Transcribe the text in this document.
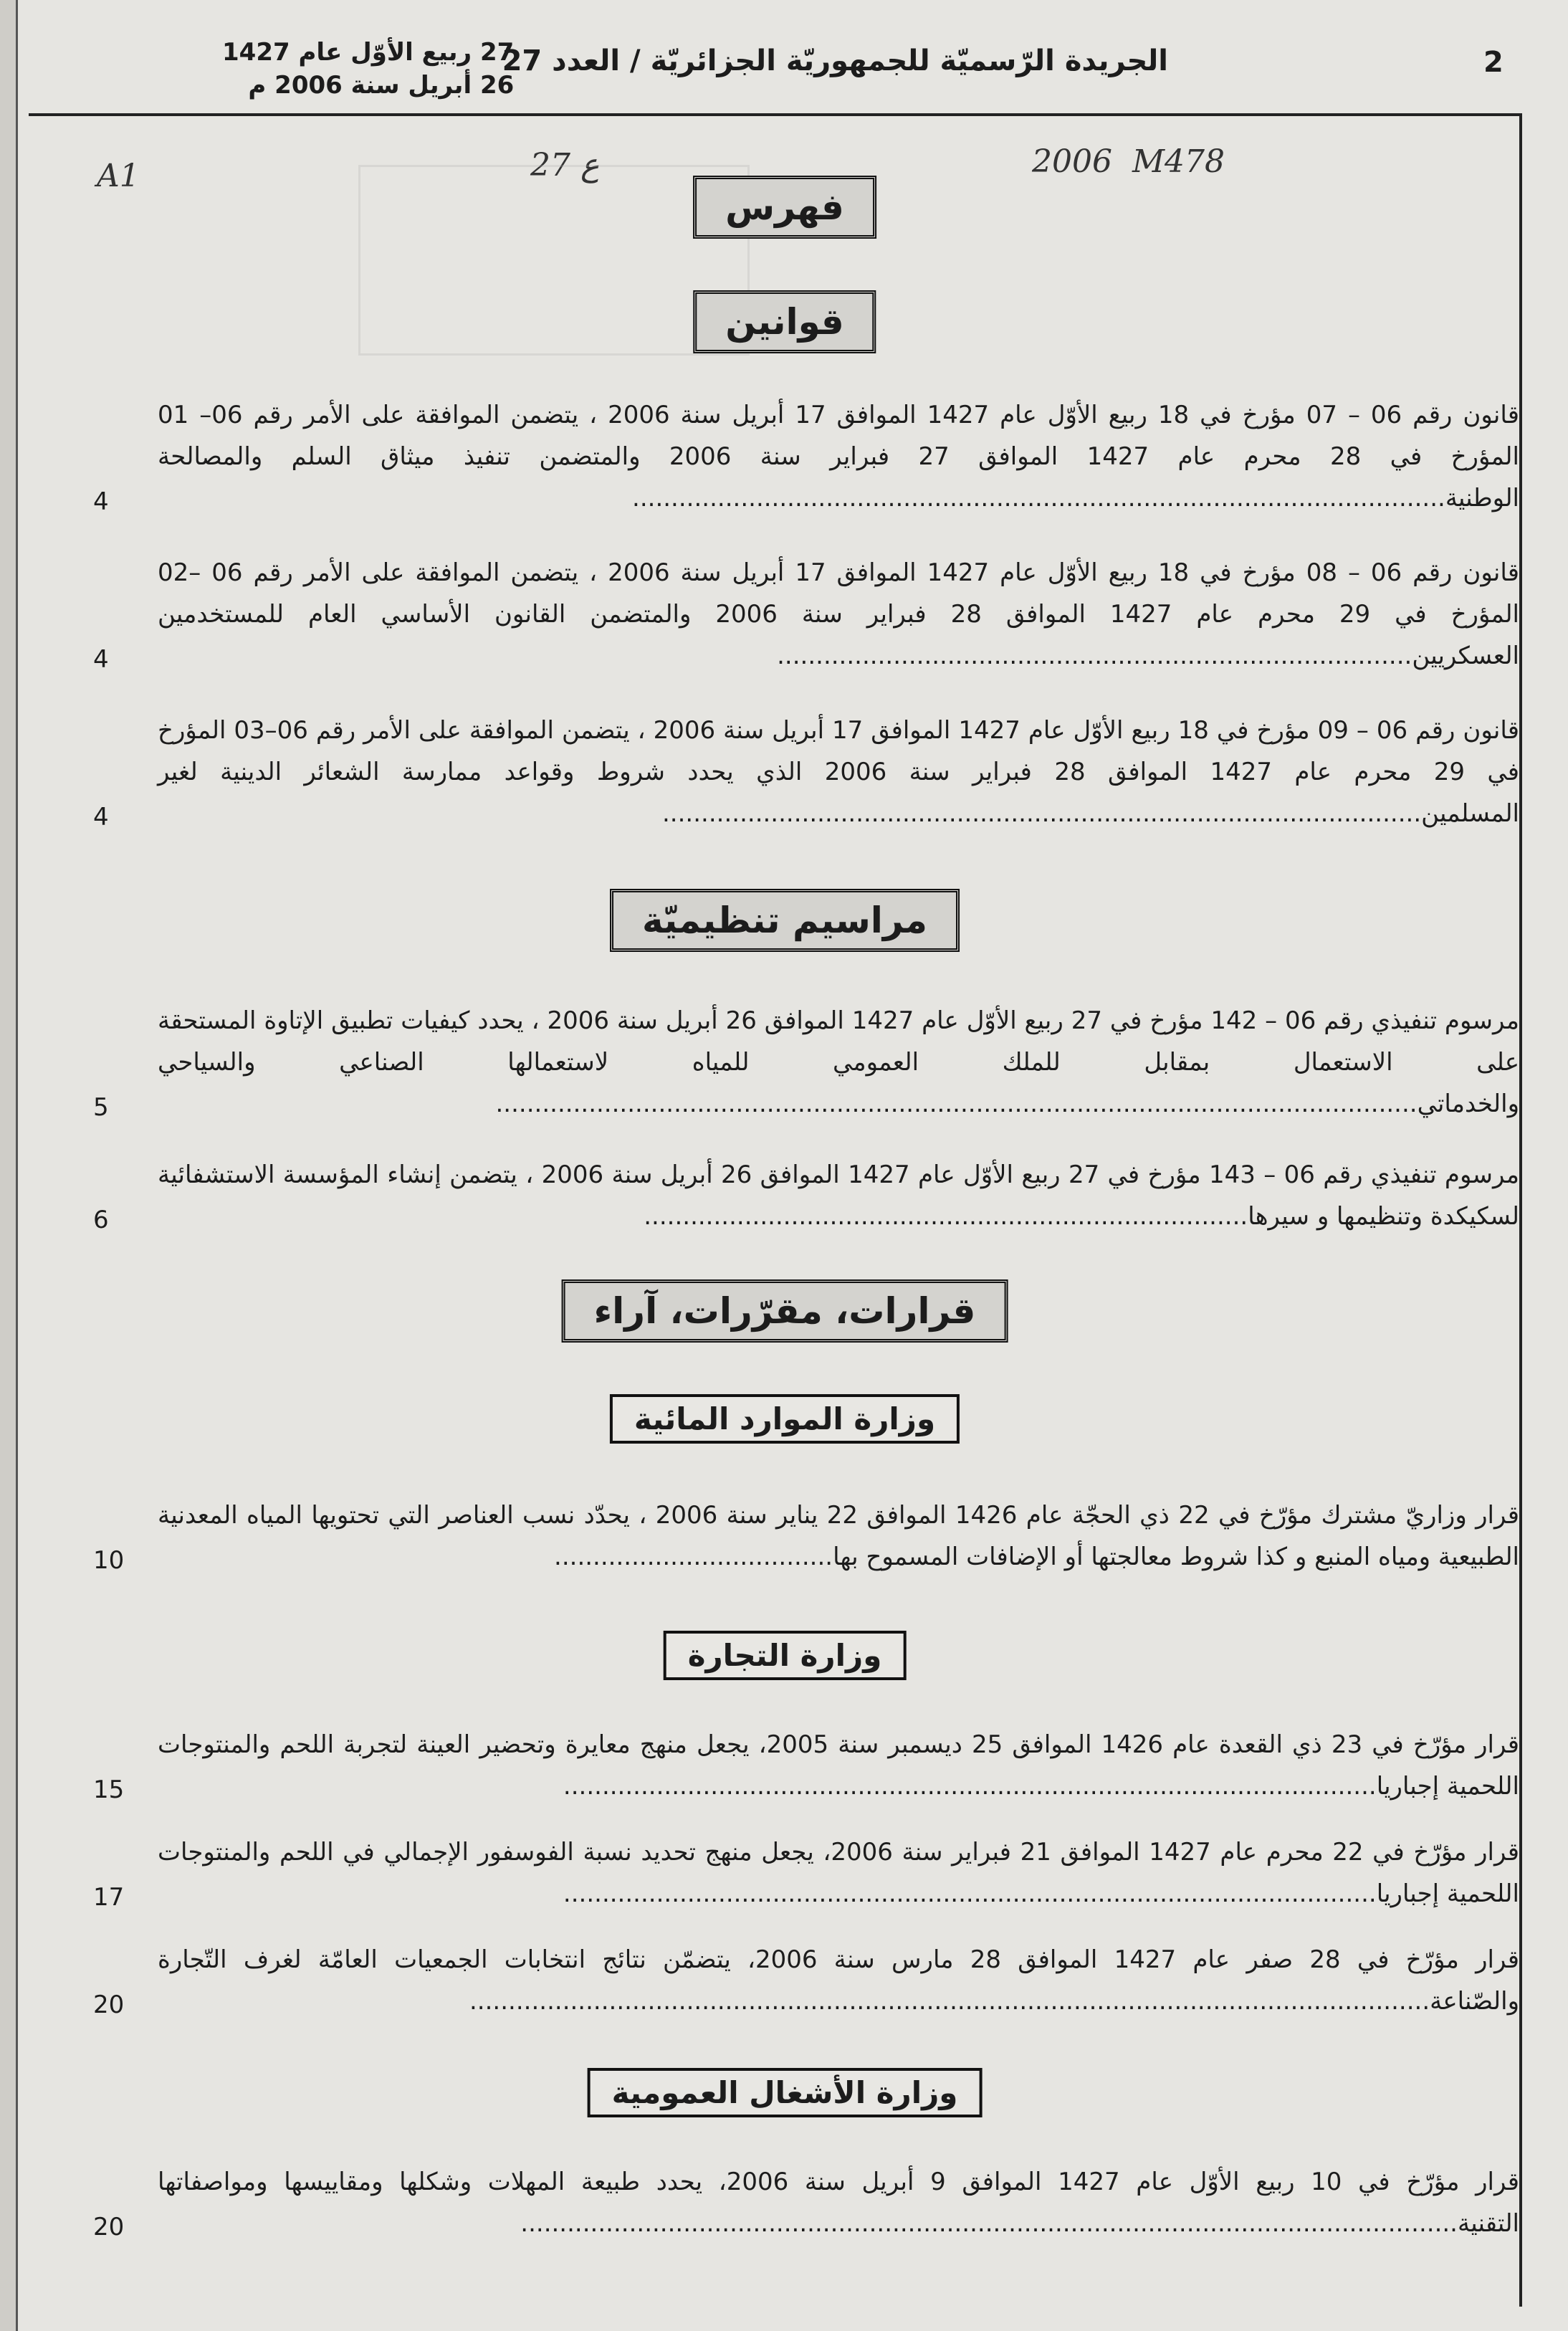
2
الجريدة الرّسميّة للجمهوريّة الجزائريّة / العدد 27
27 ربيع الأوّل عام 1427
26 أبريل سنة 2006 م
2006 M478
27 ع
A1
فهرس
قوانين
قانون رقم 06 – 07 مؤرخ في 18 ربيع الأوّل عام 1427 الموافق 17 أبريل سنة 2006 ، يتضمن الموافقة على الأمر رقم 06– 01 المؤرخ في 28 محرم عام 1427 الموافق 27 فبراير سنة 2006 والمتضمن تنفيذ ميثاق السلم والمصالحة الوطنية.........................................................................................................
4
قانون رقم 06 – 08 مؤرخ في 18 ربيع الأوّل عام 1427 الموافق 17 أبريل سنة 2006 ، يتضمن الموافقة على الأمر رقم 06 –02 المؤرخ في 29 محرم عام 1427 الموافق 28 فبراير سنة 2006 والمتضمن القانون الأساسي العام للمستخدمين العسكريين..................................................................................
4
قانون رقم 06 – 09 مؤرخ في 18 ربيع الأوّل عام 1427 الموافق 17 أبريل سنة 2006 ، يتضمن الموافقة على الأمر رقم 06–03 المؤرخ في 29 محرم عام 1427 الموافق 28 فبراير سنة 2006 الذي يحدد شروط وقواعد ممارسة الشعائر الدينية لغير المسلمين..................................................................................................
4
مراسيم تنظيميّة
مرسوم تنفيذي رقم 06 – 142 مؤرخ في 27 ربيع الأوّل عام 1427 الموافق 26 أبريل سنة 2006 ، يحدد كيفيات تطبيق الإتاوة المستحقة على الاستعمال بمقابل للملك العمومي للمياه لاستعمالها الصناعي والسياحي والخدماتي.......................................................................................................................
5
مرسوم تنفيذي رقم 06 – 143 مؤرخ في 27 ربيع الأوّل عام 1427 الموافق 26 أبريل سنة 2006 ، يتضمن إنشاء المؤسسة الاستشفائية لسكيكدة وتنظيمها و سيرها..............................................................................
6
قرارات، مقرّرات، آراء
وزارة الموارد المائية
قرار وزاريّ مشترك مؤرّخ في 22 ذي الحجّة عام 1426 الموافق 22 يناير سنة 2006 ، يحدّد نسب العناصر التي تحتويها المياه المعدنية الطبيعية ومياه المنبع و كذا شروط معالجتها أو الإضافات المسموح بها....................................
10
وزارة التجارة
قرار مؤرّخ في 23 ذي القعدة عام 1426 الموافق 25 ديسمبر سنة 2005، يجعل منهج معايرة وتحضير العينة لتجربة اللحم والمنتوجات اللحمية إجباريا.........................................................................................................
15
قرار مؤرّخ في 22 محرم عام 1427 الموافق 21 فبراير سنة 2006، يجعل منهج تحديد نسبة الفوسفور الإجمالي في اللحم والمنتوجات اللحمية إجباريا.........................................................................................................
17
قرار مؤرّخ في 28 صفر عام 1427 الموافق 28 مارس سنة 2006، يتضمّن نتائج انتخابات الجمعيات العامّة لغرف التّجارة والصّناعة............................................................................................................................
20
وزارة الأشغال العمومية
قرار مؤرّخ في 10 ربيع الأوّل عام 1427 الموافق 9 أبريل سنة 2006، يحدد طبيعة المهلات وشكلها ومقاييسها ومواصفاتها التقنية.........................................................................................................................
20
